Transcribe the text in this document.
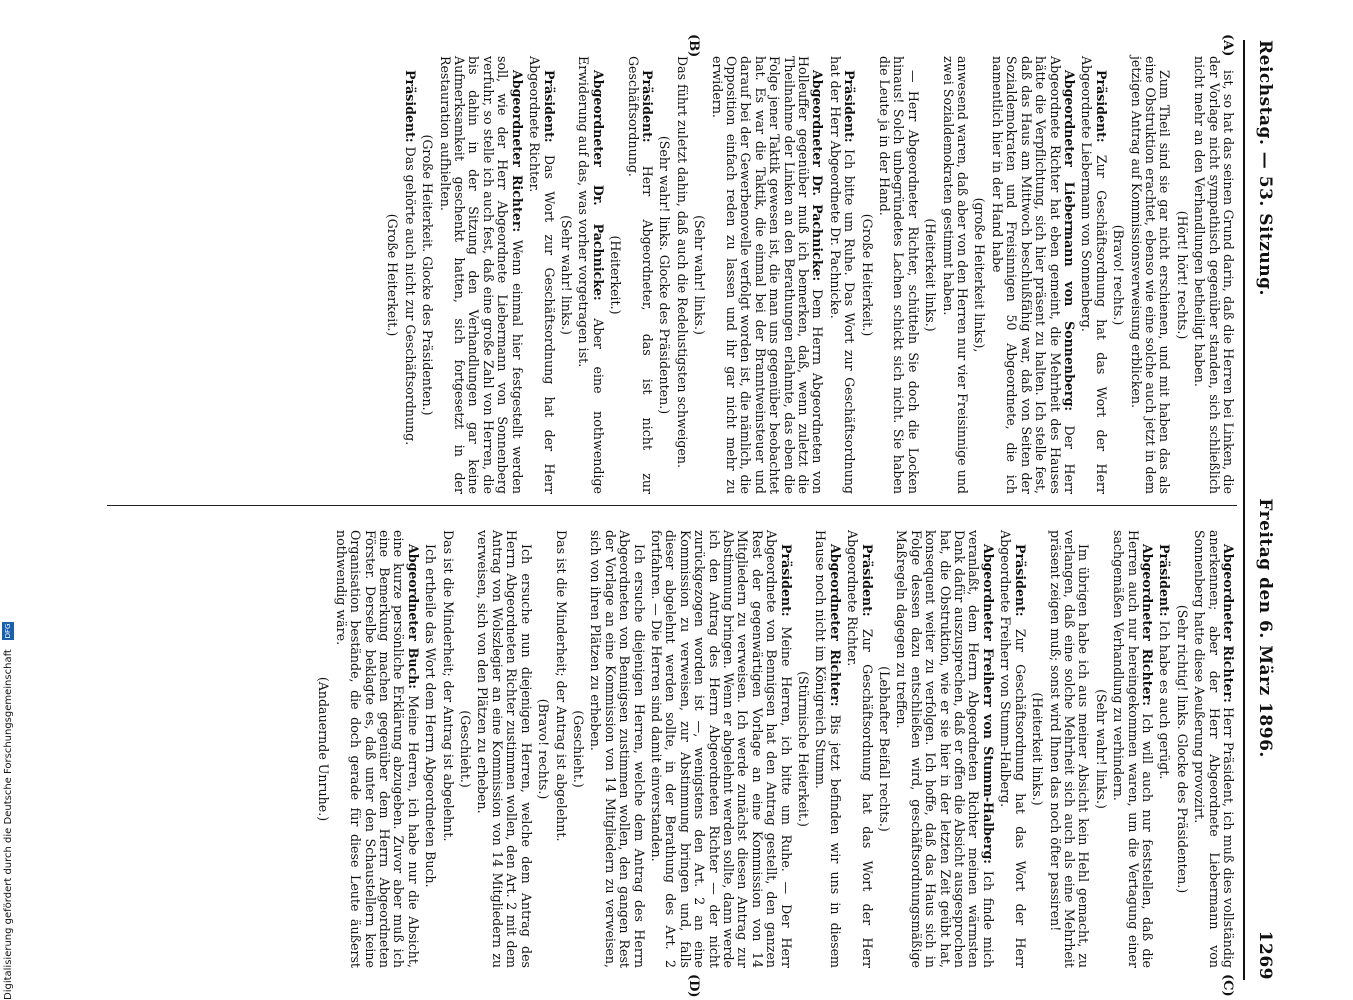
Reichstag. — 53. Sitzung.
Freitag den 6. März 1896.  1269
(A)
(B)
(C)
(D)

ist, so hat das seinen Grund darin, daß die Herren bei Linken, die der Vorlage nicht sympathisch gegenüber standen, sich schließlich nicht mehr an den Verhandlungen betheiligt haben.

(Hört! hört! rechts.)

Zum Theil sind sie gar nicht erschienen, und mit haben das als eine Obstruktion erachtet, ebenso wie eine solche auch jetzt in dem jetzigen Antrag auf Kommissionsverweisung erblicken.

(Bravo! rechts.)

Präsident: Zur Geschäftsordnung hat das Wort der Herr Abgeordnete Liebermann von Sonnenberg.

Abgeordneter Liebermann von Sonnenberg: Der Herr Abgeordnete Richter hat eben gemeint, die Mehrheit des Hauses hätte die Verpflichtung, sich hier präsent zu halten. Ich stelle fest, daß das Haus am Mittwoch beschlußfähig war, daß von Seiten der Sozialdemokraten und Freisinnigen 50 Abgeordnete, die ich namentlich hier in der Hand habe

(große Heiterkeit links),

anwesend waren, daß aber von den Herren nur vier Freisinnige und zwei Sozialdemokraten gestimmt haben.

(Heiterkeit links.)

— Herr Abgeordneter Richter, schütteln Sie doch die Locken hinaus! Solch unbegründetes Lachen schickt sich nicht. Sie haben die Leute ja in der Hand.

(Große Heiterkeit.)

Präsident: Ich bitte um Ruhe. Das Wort zur Geschäftsordnung hat der Herr Abgeordnete Dr. Pachnicke.

Abgeordneter Dr. Pachnicke: Dem Herrn Abgeordneten von Holleuffer gegenüber muß ich bemerken, daß, wenn zuletzt die Theilnahme der Linken an den Berathungen erlahmte, das eben die Folge jener Taktik gewesen ist, die man uns gegenüber beobachtet hat. Es war die Taktik, die einmal bei der Branntweinsteuer und darauf bei der Gewerbenovelle verfolgt worden ist, die nämlich, die Opposition einfach reden zu lassen und ihr gar nicht mehr zu erwidern.

(Sehr wahr! links.)

Das führt zuletzt dahin, daß auch die Redelustigsten schweigen.

(Sehr wahr! links. Glocke des Präsidenten.)

Präsident: Herr Abgeordneter, das ist nicht zur Geschäftsordnung.

(Heiterkeit.)

Abgeordneter Dr. Pachnicke: Aber eine nothwendige Erwiderung auf das, was vorher vorgetragen ist.

(Sehr wahr! links.)

Präsident: Das Wort zur Geschäftsordnung hat der Herr Abgeordnete Richter.

Abgeordneter Richter: Wenn einmal hier festgestellt werden soll, wie der Herr Abgeordnete Liebermann von Sonnenberg verfuhr, so stelle ich auch fest, daß eine große Zahl von Herren, die bis dahin in der Sitzung den Verhandlungen gar keine Aufmerksamkeit geschenkt hatten, sich fortgesetzt in der Restauration aufhielten.

(Große Heiterkeit. Glocke des Präsidenten.)

Präsident: Das gehörte auch nicht zur Geschäftsordnung.

(Große Heiterkeit.)

Abgeordneter Richter: Herr Präsident, ich muß dies vollständig anerkennen; aber der Herr Abgeordnete Liebermann von Sonnenberg hatte diese Aeußerung provozirt.

(Sehr richtig! links. Glocke des Präsidenten.)

Präsident: Ich habe es auch gerügt.

Abgeordneter Richter: Ich will auch nur feststellen, daß die Herren auch nur hereingekommen waren, um die Vertagung einer sachgemäßen Verhandlung zu verhindern.

(Sehr wahr! links.)

Im übrigen habe ich aus meiner Absicht kein Hehl gemacht, zu verlangen, daß eine solche Mehrheit sich auch als eine Mehrheit präsent zeigen muß; sonst wird Ihnen das noch öfter passiren!

(Heiterkeit links.)

Präsident: Zur Geschäftsordnung hat das Wort der Herr Abgeordnete Freiherr von Stumm-Halberg.

Abgeordneter Freiherr von Stumm-Halberg: Ich finde mich veranlaßt, dem Herrn Abgeordneten Richter meinen wärmsten Dank dafür auszusprechen, daß er offen die Absicht ausgesprochen hat, die Obstruktion, wie er sie hier in der letzten Zeit geübt hat, konsequent weiter zu verfolgen. Ich hoffe, daß das Haus sich in Folge dessen dazu entschließen wird, geschäftsordnungsmäßige Maßregeln dagegen zu treffen.

(Lebhafter Beifall rechts.)

Präsident: Zur Geschäftsordnung hat das Wort der Herr Abgeordnete Richter.

Abgeordneter Richter: Bis jetzt befinden wir uns in diesem Hause noch nicht im Königreich Stumm.

(Stürmische Heiterkeit.)

Präsident: Meine Herren, ich bitte um Ruhe. — Der Herr Abgeordnete von Bennigsen hat den Antrag gestellt, den ganzen Rest der gegenwärtigen Vorlage an eine Kommission von 14 Mitgliedern zu verweisen. Ich werde zunächst diesen Antrag zur Abstimmung bringen. Wenn er abgelehnt werden sollte, dann werde ich den Antrag des Herrn Abgeordneten Richter — der nicht zurückgezogen worden ist —, wenigstens den Art. 2 an eine Kommission zu verweisen, zur Abstimmung bringen und, falls dieser abgelehnt werden sollte, in der Berathung des Art. 2 fortfahren. — Die Herren sind damit einverstanden.

Ich ersuche diejenigen Herren, welche dem Antrag des Herrn Abgeordneten von Bennigsen zustimmen wollen, den gangen Rest der Vorlage an eine Kommission von 14 Mitgliedern zu verweisen, sich von ihren Plätzen zu erheben.

(Geschieht.)

Das ist die Minderheit; der Antrag ist abgelehnt.

(Bravo! rechts.)

Ich ersuche nun diejenigen Herren, welche dem Antrag des Herrn Abgeordneten Richter zustimmen wollen, den Art. 2 mit dem Antrag von Wolszlegier an eine Kommission von 14 Mitgliedern zu verweisen, sich von den Plätzen zu erheben.

(Geschieht.)

Das ist die Minderheit; der Antrag ist abgelehnt.

Ich ertheile das Wort dem Herrn Abgeordneten Buch.

Abgeordneter Buch: Meine Herren, ich habe nur die Absicht, eine kurze persönliche Erklärung abzugeben. Zuvor aber muß ich eine Bemerkung machen gegenüber dem Herrn Abgeordneten Förster. Derselbe beklagte es, daß unter den Schaustellern keine Organisation bestände, die doch gerade für diese Leute äußerst nothwendig wäre.

(Andauernde Unruhe.)

Digitalisierung gefördert durch die Deutsche Forschungsgemeinschaft DFG
